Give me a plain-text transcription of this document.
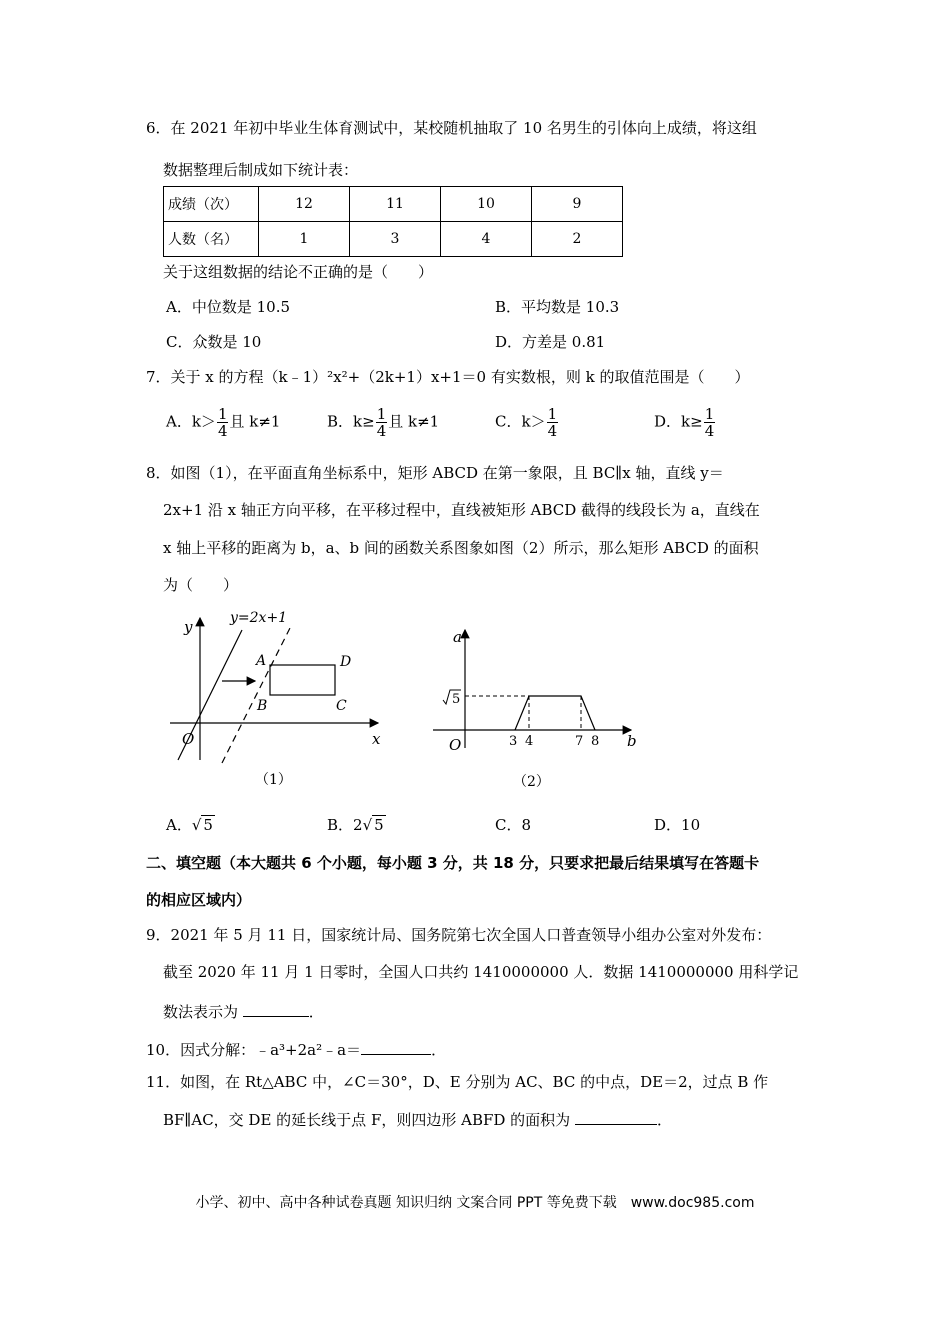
6．在 2021 年初中毕业生体育测试中，某校随机抽取了 10 名男生的引体向上成绩，将这组
数据整理后制成如下统计表：
成绩（次）	12	11	10	9
人数（名）	1	3	4	2
关于这组数据的结论不正确的是（　　）
A．中位数是 10.5	B．平均数是 10.3
C．众数是 10	D．方差是 0.81
7．关于 x 的方程（k﹣1）²x²+（2k+1）x+1＝0 有实数根，则 k 的取值范围是（　　）
A．$k> \frac{1}{4}$ 且 k≠1	B．$k\ge \frac{1}{4}$ 且 k≠1	C．$k> \frac{1}{4}$	D．$k\ge \frac{1}{4}$
8．如图（1），在平面直角坐标系中，矩形 ABCD 在第一象限，且 BC∥x 轴，直线 y＝
2x+1 沿 x 轴正方向平移，在平移过程中，直线被矩形 ABCD 截得的线段长为 a，直线在
x 轴上平移的距离为 b，a、b 间的函数关系图象如图（2）所示，那么矩形 ABCD 的面积
为（　　）
y=2x+1
y
x
O
A
B	C
D
（1）
a
b
O
5
3 4	7 8
（2）
A．√ 5	B．2√ 5	C．8	D．10
二、填空题（本大题共 6 个小题，每小题 3 分，共 18 分，只要求把最后结果填写在答题卡
的相应区域内）
9．2021 年 5 月 11 日，国家统计局、国务院第七次全国人口普查领导小组办公室对外发布：
截至 2020 年 11 月 1 日零时，全国人口共约 1410000000 人．数据 1410000000 用科学记
数法表示为	．
10．因式分解：﹣a³+2a²﹣a＝	．
11．如图，在 Rt△ABC 中，∠C＝30°，D、E 分别为 AC、BC 的中点，DE＝2，过点 B 作
BF∥AC，交 DE 的延长线于点 F，则四边形 ABFD 的面积为	．
小学、初中、高中各种试卷真题 知识归纳 文案合同 PPT 等免费下载　www.doc985.com
